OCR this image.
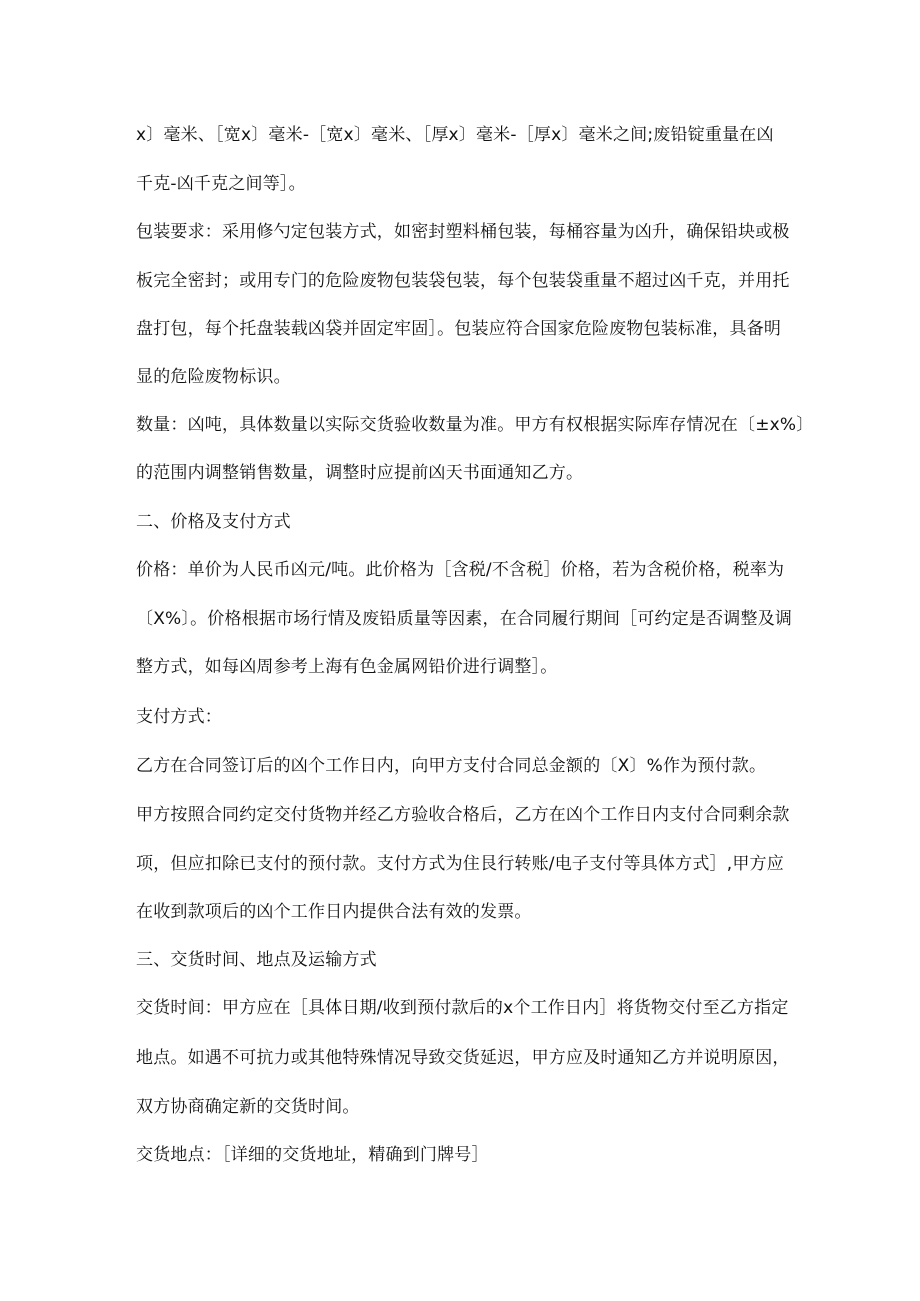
x〕毫米、［宽x〕毫米-［宽x〕毫米、［厚x〕毫米-［厚x〕毫米之间;废铅锭重量在凶
千克-凶千克之间等］。
包装要求：采用修勺定包装方式，如密封塑料桶包装，每桶容量为凶升，确保铅块或极
板完全密封；或用专门的危险废物包装袋包装，每个包装袋重量不超过凶千克，并用托
盘打包，每个托盘装载凶袋并固定牢固］。包装应符合国家危险废物包装标准，具备明
显的危险废物标识。
数量：凶吨，具体数量以实际交货验收数量为准。甲方有权根据实际库存情况在〔±x%〕
的范围内调整销售数量，调整时应提前凶天书面通知乙方。
二、价格及支付方式
价格：单价为人民币凶元/吨。此价格为［含税/不含税］价格，若为含税价格，税率为
〔X%〕。价格根据市场行情及废铅质量等因素，在合同履行期间［可约定是否调整及调
整方式，如每凶周参考上海有色金属网铅价进行调整］。
支付方式：
乙方在合同签订后的凶个工作日内，向甲方支付合同总金额的〔X〕%作为预付款。
甲方按照合同约定交付货物并经乙方验收合格后，乙方在凶个工作日内支付合同剩余款
项，但应扣除已支付的预付款。支付方式为住艮行转账/电子支付等具体方式］,甲方应
在收到款项后的凶个工作日内提供合法有效的发票。
三、交货时间、地点及运输方式
交货时间：甲方应在［具体日期/收到预付款后的x个工作日内］将货物交付至乙方指定
地点。如遇不可抗力或其他特殊情况导致交货延迟，甲方应及时通知乙方并说明原因，
双方协商确定新的交货时间。
交货地点：［详细的交货地址，精确到门牌号］
